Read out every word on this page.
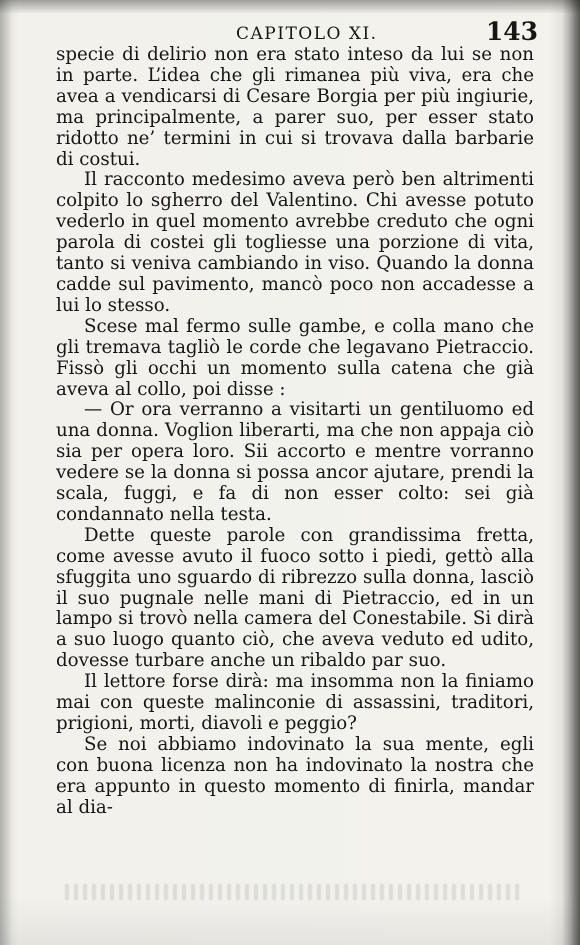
CAPITOLO XI.	143

specie di delirio non era stato inteso da lui se non in parte. L’idea che gli rimanea più viva, era che avea a vendicarsi di Cesare Borgia per più ingiurie, ma principalmente, a parer suo, per esser stato ridotto ne’ termini in cui si trovava dalla barbarie di costui.

Il racconto medesimo aveva però ben altrimenti colpito lo sgherro del Valentino. Chi avesse potuto vederlo in quel momento avrebbe creduto che ogni parola di costei gli togliesse una porzione di vita, tanto si veniva cambiando in viso. Quando la donna cadde sul pavimento, mancò poco non accadesse a lui lo stesso.

Scese mal fermo sulle gambe, e colla mano che gli tremava tagliò le corde che legavano Pietraccio. Fissò gli occhi un momento sulla catena che già aveva al collo, poi disse :

— Or ora verranno a visitarti un gentiluomo ed una donna. Voglion liberarti, ma che non appaja ciò sia per opera loro. Sii accorto e mentre vorranno vedere se la donna si possa ancor ajutare, prendi la scala, fuggi, e fa di non esser colto: sei già condannato nella testa.

Dette queste parole con grandissima fretta, come avesse avuto il fuoco sotto i piedi, gettò alla sfuggita uno sguardo di ribrezzo sulla donna, lasciò il suo pugnale nelle mani di Pietraccio, ed in un lampo si trovò nella camera del Conestabile. Si dirà a suo luogo quanto ciò, che aveva veduto ed udito, dovesse turbare anche un ribaldo par suo.

Il lettore forse dirà: ma insomma non la finiamo mai con queste malinconie di assassini, traditori, prigioni, morti, diavoli e peggio?

Se noi abbiamo indovinato la sua mente, egli con buona licenza non ha indovinato la nostra che era appunto in questo momento di finirla, mandar al dia-
